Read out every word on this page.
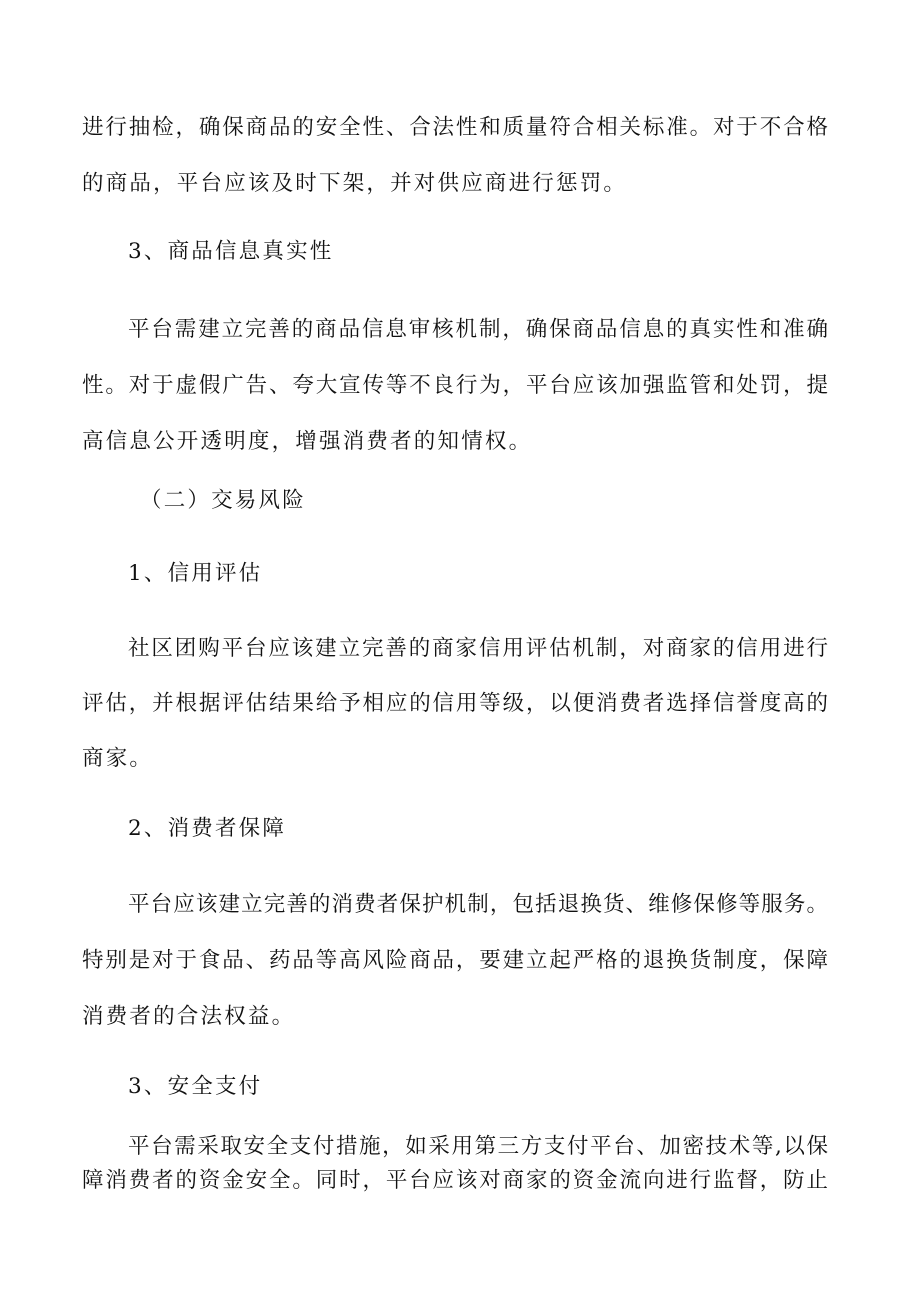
进行抽检，确保商品的安全性、合法性和质量符合相关标准。对于不合格
的商品，平台应该及时下架，并对供应商进行惩罚。
3、商品信息真实性
平台需建立完善的商品信息审核机制，确保商品信息的真实性和准确
性。对于虚假广告、夸大宣传等不良行为，平台应该加强监管和处罚，提
高信息公开透明度，增强消费者的知情权。
（二）交易风险
1、信用评估
社区团购平台应该建立完善的商家信用评估机制，对商家的信用进行
评估，并根据评估结果给予相应的信用等级，以便消费者选择信誉度高的
商家。
2、消费者保障
平台应该建立完善的消费者保护机制，包括退换货、维修保修等服务。
特别是对于食品、药品等高风险商品，要建立起严格的退换货制度，保障
消费者的合法权益。
3、安全支付
平台需采取安全支付措施，如采用第三方支付平台、加密技术等,以保
障消费者的资金安全。同时，平台应该对商家的资金流向进行监督，防止
